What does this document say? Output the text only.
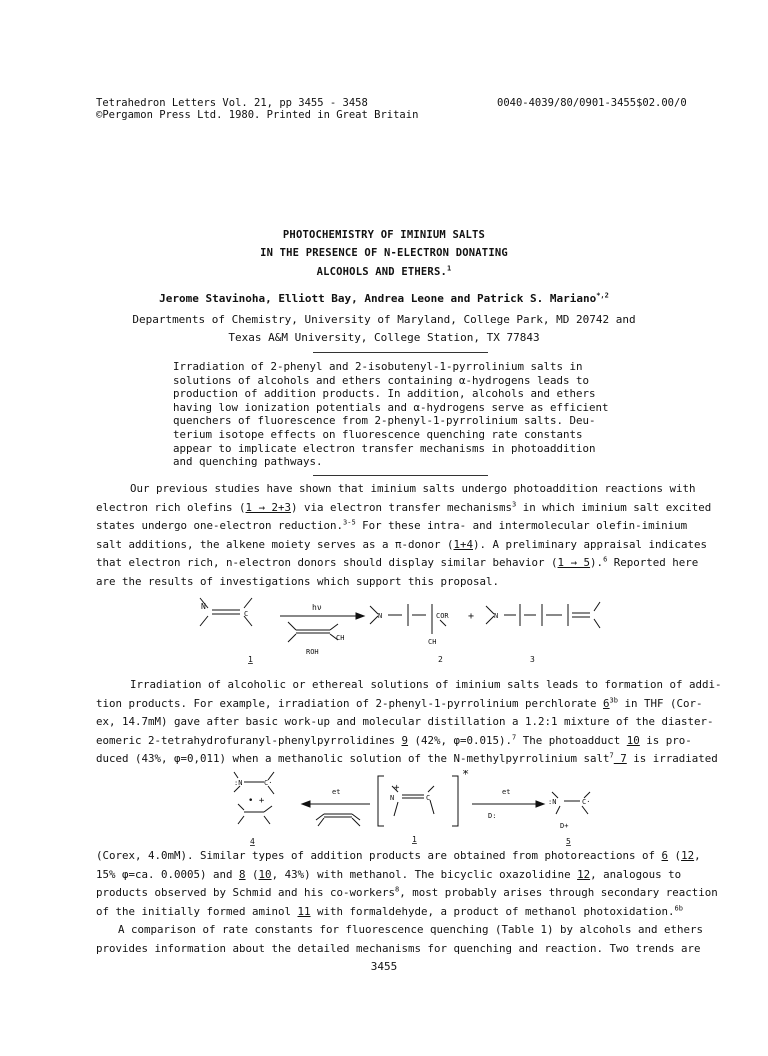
Tetrahedron Letters Vol. 21, pp 3455 - 3458
©Pergamon Press Ltd. 1980. Printed in Great Britain
0040-4039/80/0901-3455$02.00/0
PHOTOCHEMISTRY OF IMINIUM SALTS
IN THE PRESENCE OF N-ELECTRON DONATING
ALCOHOLS AND ETHERS.$^1$
Jerome Stavinoha, Elliott Bay, Andrea Leone and Patrick S. Mariano$^{*,2}$
Departments of Chemistry, University of Maryland, College Park, MD 20742 and
Texas A&M University, College Station, TX 77843
Irradiation of 2-phenyl and 2-isobutenyl-1-pyrrolinium salts in
solutions of alcohols and ethers containing α-hydrogens leads to
production of addition products. In addition, alcohols and ethers
having low ionization potentials and α-hydrogens serve as efficient
quenchers of fluorescence from 2-phenyl-1-pyrrolinium salts. Deu-
terium isotope effects on fluorescence quenching rate constants
appear to implicate electron transfer mechanisms in photoaddition
and quenching pathways.
Our previous studies have shown that iminium salts undergo photoaddition reactions with
electron rich olefins (1 → 2+3) via electron transfer mechanisms$^3$ in which iminium salt excited
states undergo one-electron reduction.$^{3-5}$ For these intra- and intermolecular olefin-iminium
salt additions, the alkene moiety serves as a π-donor (1+4). A preliminary appraisal indicates
that electron rich, n-electron donors should display similar behavior (1 → 5).$^6$ Reported here
are the results of investigations which support this proposal.
N
C
hν
ROH
CH
N	COR
CH
+	N
1	2	3
Irradiation of alcoholic or ethereal solutions of iminium salts leads to formation of addi-
tion products. For example, irradiation of 2-phenyl-1-pyrrolinium perchlorate $6^{3b}$ in THF (Cor-
ex, 14.7mM) gave after basic work-up and molecular distillation a 1.2:1 mixture of the diaster-
eomeric 2-tetrahydrofuranyl-phenylpyrrolidines 9 (42%, φ=0.015).$^7$ The photoadduct 10 is pro-
duced (43%, φ=0,011) when a methanolic solution of the N-methylpyrrolinium salt$^7$ 7 is irradiated
:N	C·
• +
et
N	C
+
*
et
D:
:N	C·
D+
4	1	5
(Corex, 4.0mM). Similar types of addition products are obtained from photoreactions of 6 (12,
15% φ=ca. 0.0005) and 8 (10, 43%) with methanol. The bicyclic oxazolidine 12, analogous to
products observed by Schmid and his co-workers$^8$, most probably arises through secondary reaction
of the initially formed aminol 11 with formaldehyde, a product of methanol photoxidation.$^{6b}$
A comparison of rate constants for fluorescence quenching (Table 1) by alcohols and ethers
provides information about the detailed mechanisms for quenching and reaction. Two trends are
3455
